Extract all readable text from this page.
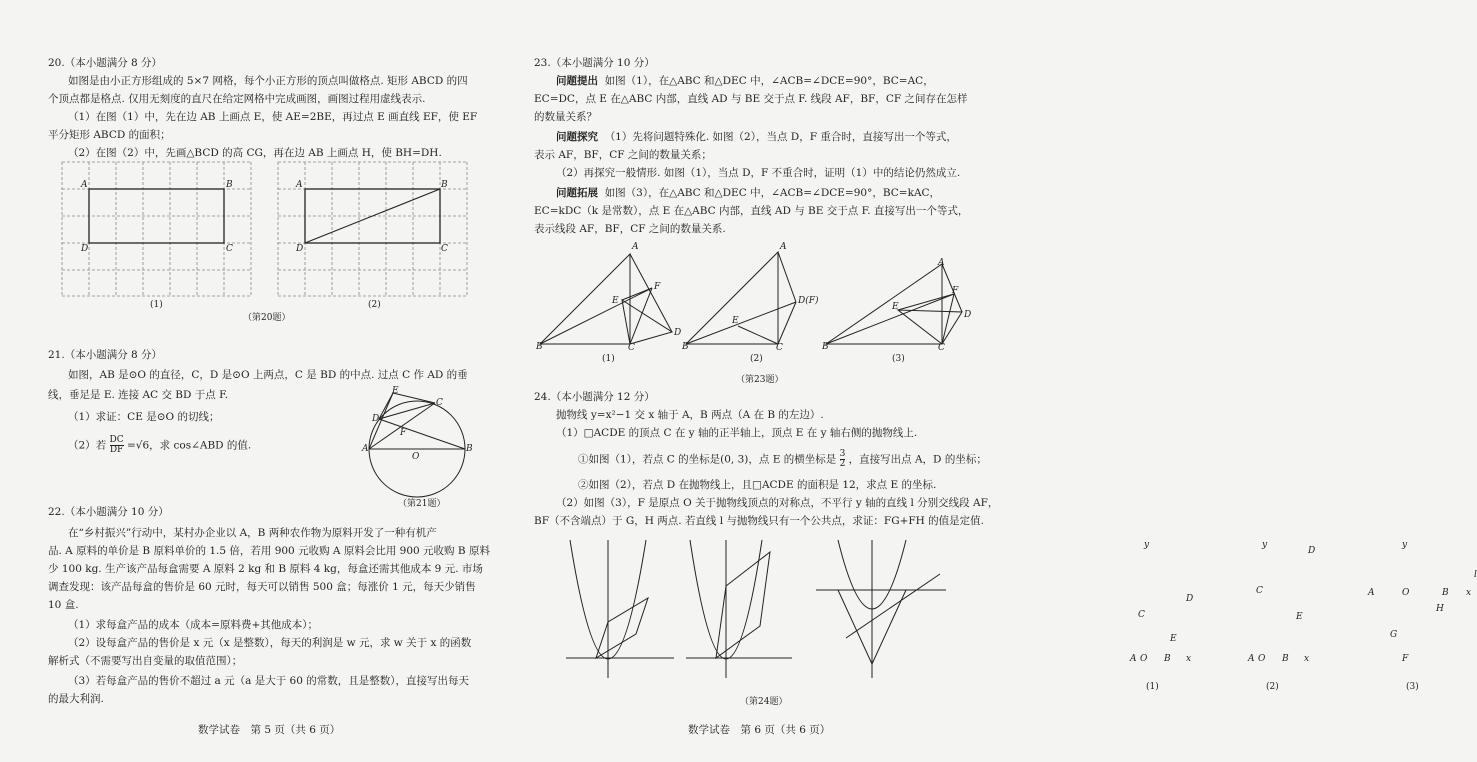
20.（本小题满分 8 分）
如图是由小正方形组成的 5×7 网格，每个小正方形的顶点叫做格点. 矩形 ABCD 的四
个顶点都是格点. 仅用无刻度的直尺在给定网格中完成画图，画图过程用虚线表示.
（1）在图（1）中，先在边 AB 上画点 E，使 AE=2BE，再过点 E 画直线 EF，使 EF
平分矩形 ABCD 的面积；
（2）在图（2）中，先画△BCD 的高 CG，再在边 AB 上画点 H，使 BH=DH.
A	B
D	C
(1)
A	B
D	C
(2)
（第20题）
21.（本小题满分 8 分）
如图，AB 是⊙O 的直径，C，D 是⊙O 上两点，C 是 BD 的中点. 过点 C 作 AD 的垂
线，垂足是 E. 连接 AC 交 BD 于点 F.
（1）求证：CE 是⊙O 的切线；
（2）若 $\frac{DC}{DF} =√6$，求 cos∠ABD 的值.
E
D
C
F
A
O
B
（第21题）
22.（本小题满分 10 分）
在“乡村振兴”行动中，某村办企业以 A，B 两种农作物为原料开发了一种有机产
品. A 原料的单价是 B 原料单价的 1.5 倍，若用 900 元收购 A 原料会比用 900 元收购 B 原料
少 100 kg. 生产该产品每盒需要 A 原料 2 kg 和 B 原料 4 kg，每盒还需其他成本 9 元. 市场
调查发现：该产品每盒的售价是 60 元时，每天可以销售 500 盒；每涨价 1 元，每天少销售
10 盒.
（1）求每盒产品的成本（成本=原料费+其他成本）；
（2）设每盒产品的售价是 x 元（x 是整数），每天的利润是 w 元，求 w 关于 x 的函数
解析式（不需要写出自变量的取值范围）；
（3）若每盒产品的售价不超过 a 元（a 是大于 60 的常数，且是整数），直接写出每天
的最大利润.
数学试卷　第 5 页（共 6 页）
23.（本小题满分 10 分）
问题提出 如图（1），在△ABC 和△DEC 中，∠ACB=∠DCE=90°，BC=AC，
EC=DC，点 E 在△ABC 内部，直线 AD 与 BE 交于点 F. 线段 AF，BF，CF 之间存在怎样
的数量关系？
问题探究 （1）先将问题特殊化. 如图（2），当点 D，F 重合时，直接写出一个等式，
表示 AF，BF，CF 之间的数量关系；
（2）再探究一般情形. 如图（1），当点 D，F 不重合时，证明（1）中的结论仍然成立.
问题拓展 如图（3），在△ABC 和△DEC 中，∠ACB=∠DCE=90°，BC=kAC，
EC=kDC（k 是常数），点 E 在△ABC 内部，直线 AD 与 BE 交于点 F. 直接写出一个等式，
表示线段 AF，BF，CF 之间的数量关系.
A
B	C
D
E
F
(1)
A
B	C
D(F)
E
(2)
A
B	C
D
E
F
(3)
（第23题）
24.（本小题满分 12 分）
抛物线 y=x²−1 交 x 轴于 A，B 两点（A 在 B 的左边）.
（1）□ACDE 的顶点 C 在 y 轴的正半轴上，顶点 E 在 y 轴右侧的抛物线上.
①如图（1），若点 C 的坐标是(0, 3)，点 E 的横坐标是 $\frac{3}{2}$ ，直接写出点 A，D 的坐标；
②如图（2），若点 D 在抛物线上，且□ACDE 的面积是 12，求点 E 的坐标.
（2）如图（3），F 是原点 O 关于抛物线顶点的对称点，不平行 y 轴的直线 l 分别交线段 AF，
BF（不含端点）于 G，H 两点. 若直线 l 与抛物线只有一个公共点，求证：FG+FH 的值是定值.
y
x
A O B
C
D
E
(1)
y
x
A O B
C
D
E
(2)
y
x
l
A	O	B
G
H
F
(3)
（第24题）
数学试卷　第 6 页（共 6 页）
